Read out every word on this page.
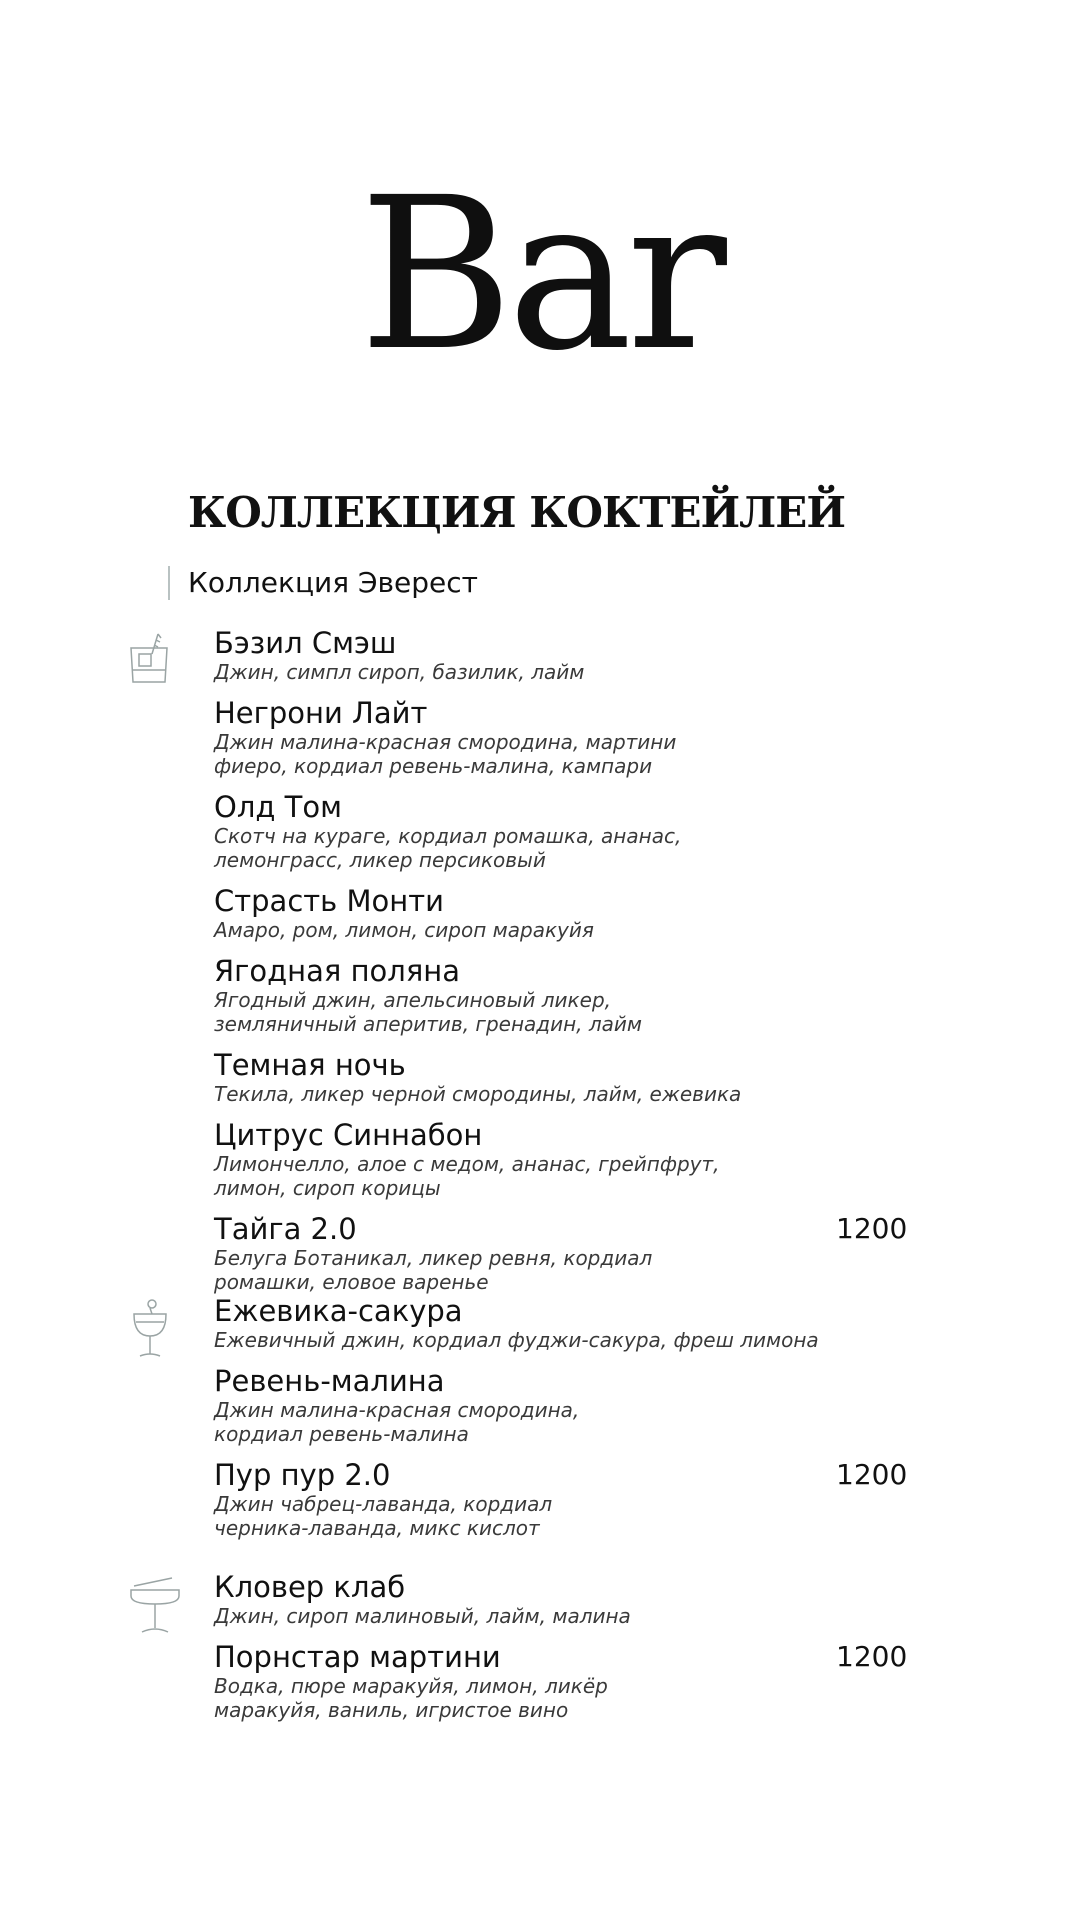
Bar
КОЛЛЕКЦИЯ КОКТЕЙЛЕЙ
Коллекция Эверест
Бэзил Смэш
Джин, симпл сироп, базилик, лайм
Негрони Лайт
Джин малина-красная смородина, мартини фиеро, кордиал ревень-малина, кампари
Олд Том
Скотч на кураге, кордиал ромашка, ананас, лемонграсс, ликер персиковый
Страсть Монти
Амаро, ром, лимон, сироп маракуйя
Ягодная поляна
Ягодный джин, апельсиновый ликер, земляничный аперитив, гренадин, лайм
Темная ночь
Текила, ликер черной смородины, лайм, ежевика
Цитрус Синнабон
Лимончелло, алое с медом, ананас, грейпфрут, лимон, сироп корицы
Тайга 2.0
Белуга Ботаникал, ликер ревня, кордиал ромашки, еловое варенье
1200
Ежевика-сакура
Ежевичный джин, кордиал фуджи-сакура, фреш лимона
Ревень-малина
Джин малина-красная смородина, кордиал ревень-малина
Пур пур 2.0
Джин чабрец-лаванда, кордиал черника-лаванда, микс кислот
1200
Кловер клаб
Джин, сироп малиновый, лайм, малина
Порнстар мартини
Водка, пюре маракуйя, лимон, ликёр маракуйя, ваниль, игристое вино
1200
